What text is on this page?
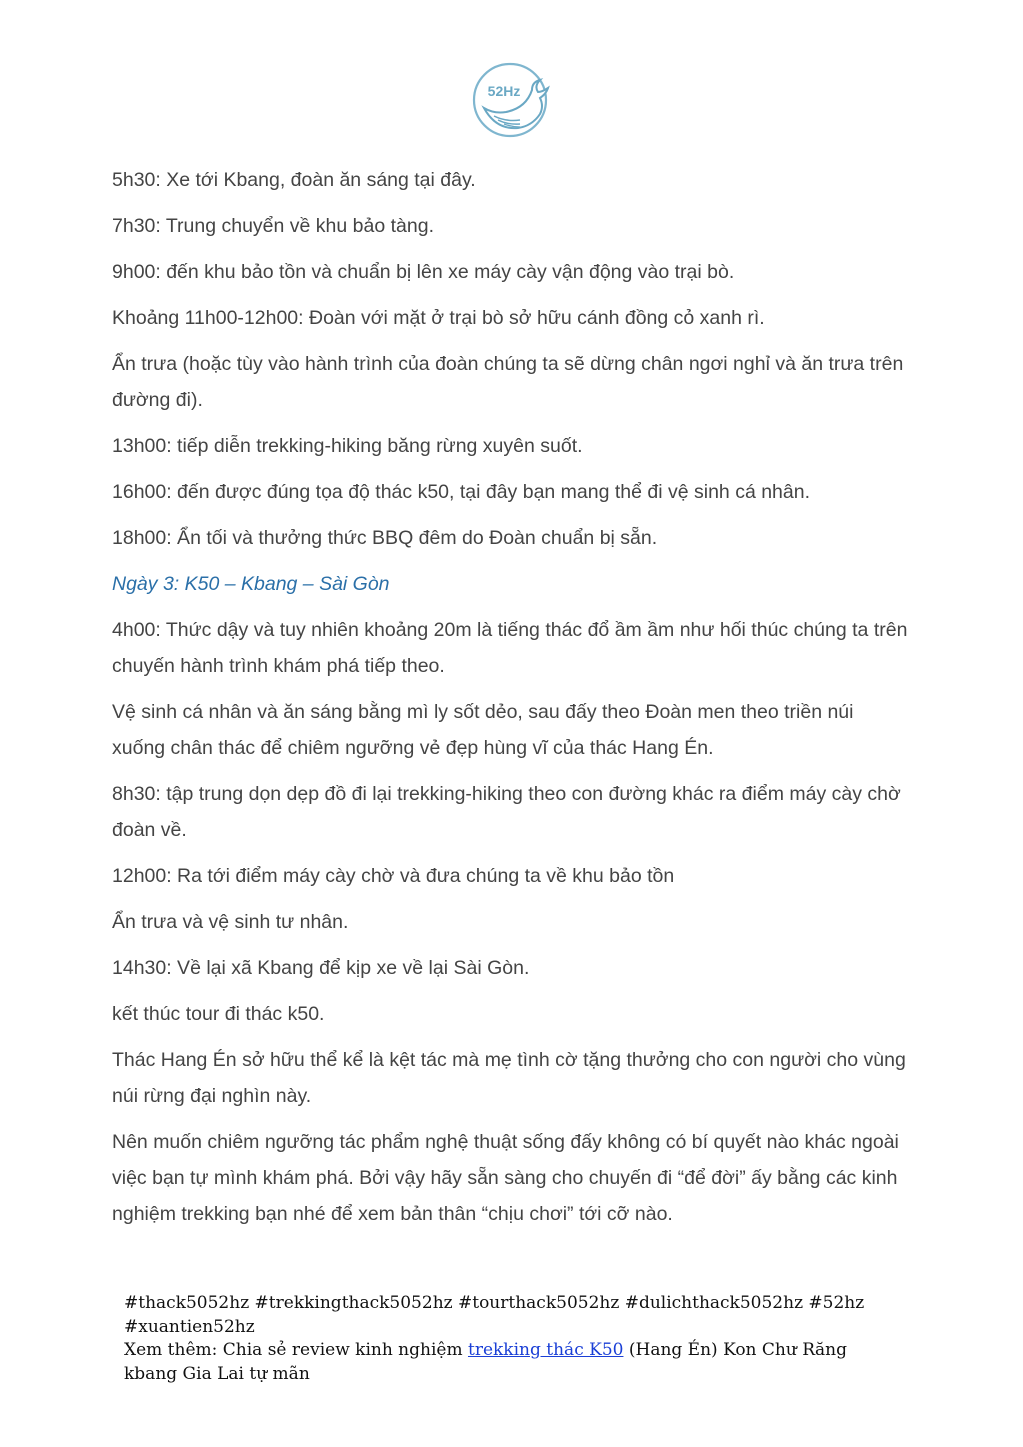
52Hz

5h30: Xe tới Kbang, đoàn ăn sáng tại đây.

7h30: Trung chuyển về khu bảo tàng.

9h00: đến khu bảo tồn và chuẩn bị lên xe máy cày vận động vào trại bò.

Khoảng 11h00-12h00: Đoàn với mặt ở trại bò sở hữu cánh đồng cỏ xanh rì.

Ẩn trưa (hoặc tùy vào hành trình của đoàn chúng ta sẽ dừng chân ngơi nghỉ và ăn trưa trên đường đi).

13h00: tiếp diễn trekking-hiking băng rừng xuyên suốt.

16h00: đến được đúng tọa độ thác k50, tại đây bạn mang thể đi vệ sinh cá nhân.

18h00: Ẩn tối và thưởng thức BBQ đêm do Đoàn chuẩn bị sẵn.

Ngày 3: K50 – Kbang – Sài Gòn

4h00: Thức dậy và tuy nhiên khoảng 20m là tiếng thác đổ ầm ầm như hối thúc chúng ta trên chuyến hành trình khám phá tiếp theo.

Vệ sinh cá nhân và ăn sáng bằng mì ly sốt dẻo, sau đấy theo Đoàn men theo triền núi xuống chân thác để chiêm ngưỡng vẻ đẹp hùng vĩ của thác Hang Én.

8h30: tập trung dọn dẹp đồ đi lại trekking-hiking theo con đường khác ra điểm máy cày chờ đoàn về.

12h00: Ra tới điểm máy cày chờ và đưa chúng ta về khu bảo tồn

Ẩn trưa và vệ sinh tư nhân.

14h30: Về lại xã Kbang để kịp xe về lại Sài Gòn.

kết thúc tour đi thác k50.

Thác Hang Én sở hữu thể kể là kệt tác mà mẹ tình cờ tặng thưởng cho con người cho vùng núi rừng đại nghìn này.

Nên muốn chiêm ngưỡng tác phẩm nghệ thuật sống đấy không có bí quyết nào khác ngoài việc bạn tự mình khám phá. Bởi vậy hãy sẵn sàng cho chuyến đi “để đời” ấy bằng các kinh nghiệm trekking bạn nhé để xem bản thân “chịu chơi” tới cỡ nào.

#thack5052hz #trekkingthack5052hz #tourthack5052hz #dulichthack5052hz #52hz #xuantien52hz

Xem thêm: Chia sẻ review kinh nghiệm trekking thác K50 (Hang Én) Kon Chư Răng kbang Gia Lai tự mãn
